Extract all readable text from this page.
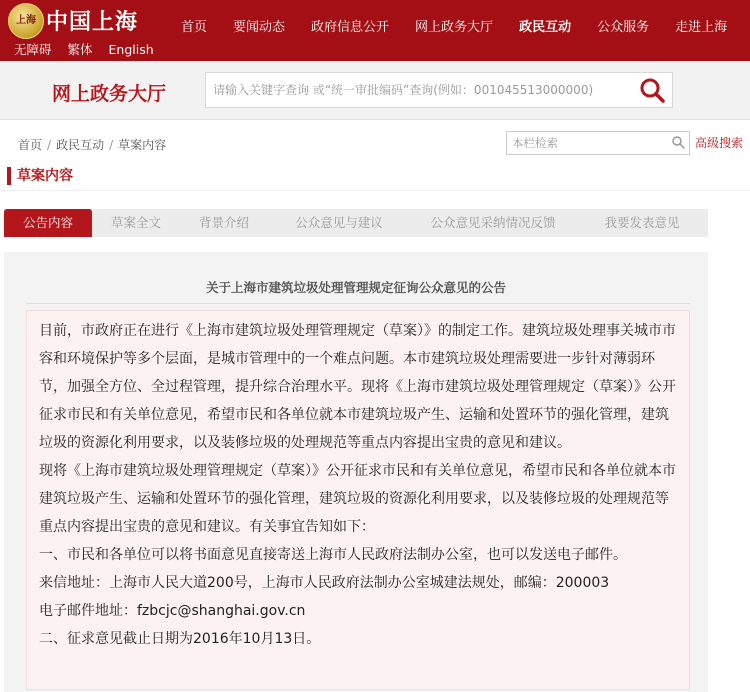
上海 中国上海
无障碍 繁体 English
首页	要闻动态	政府信息公开	网上政务大厅	政民互动	公众服务	走进上海
网上政务大厅
请输入关键字查询 或“统一审批编码”查询(例如：001045513000000)
首页 / 政民互动 / 草案内容
本栏检索	高级搜索
草案内容
公告内容	草案全文	背景介绍	公众意见与建议	公众意见采纳情况反馈	我要发表意见
关于上海市建筑垃圾处理管理规定征询公众意见的公告

目前，市政府正在进行《上海市建筑垃圾处理管理规定（草案）》的制定工作。建筑垃圾处理事关城市市容和环境保护等多个层面，是城市管理中的一个难点问题。本市建筑垃圾处理需要进一步针对薄弱环节，加强全方位、全过程管理，提升综合治理水平。现将《上海市建筑垃圾处理管理规定（草案）》公开征求市民和有关单位意见，希望市民和各单位就本市建筑垃圾产生、运输和处置环节的强化管理，建筑垃圾的资源化利用要求，以及装修垃圾的处理规范等重点内容提出宝贵的意见和建议。

现将《上海市建筑垃圾处理管理规定（草案）》公开征求市民和有关单位意见，希望市民和各单位就本市建筑垃圾产生、运输和处置环节的强化管理，建筑垃圾的资源化利用要求，以及装修垃圾的处理规范等重点内容提出宝贵的意见和建议。有关事宜告知如下：

一、市民和各单位可以将书面意见直接寄送上海市人民政府法制办公室，也可以发送电子邮件。

来信地址：上海市人民大道200号，上海市人民政府法制办公室城建法规处，邮编：200003

电子邮件地址：fzbcjc@shanghai.gov.cn

二、征求意见截止日期为2016年10月13日。
